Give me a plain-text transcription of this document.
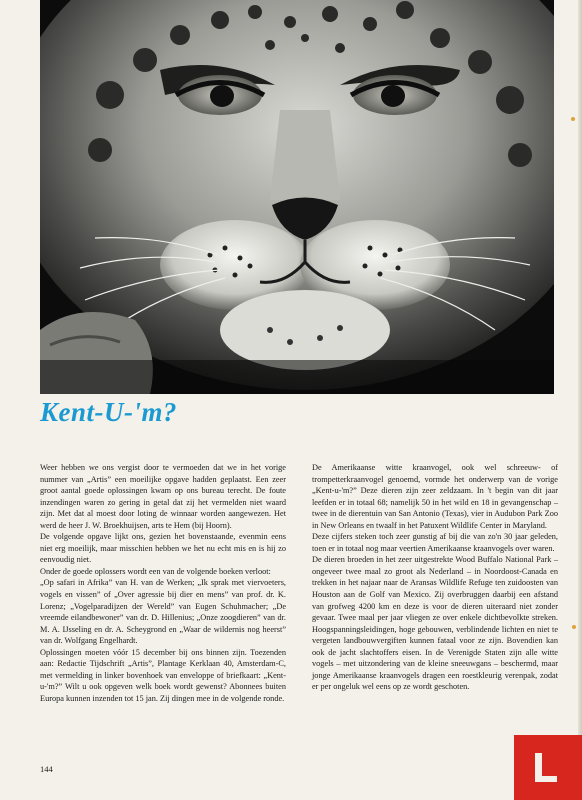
Kent-U-'m?

Weer hebben we ons vergist door te vermoeden dat we in het vorige nummer van „Artis” een moeilijke opgave hadden geplaatst. Een zeer groot aantal goede oplossingen kwam op ons bureau terecht. De foute inzendingen waren zo gering in getal dat zij het vermelden niet waard zijn. Met dat al moest door loting de winnaar worden aangewezen. Het werd de heer J. W. Broekhuijsen, arts te Hem (bij Hoorn).

De volgende opgave lijkt ons, gezien het bovenstaande, evenmin eens niet erg moeilijk, maar misschien hebben we het nu echt mis en is hij zo eenvoudig niet.

Onder de goede oplossers wordt een van de volgende boeken verloot:

„Op safari in Afrika” van H. van de Werken; „Ik sprak met viervoeters, vogels en vissen” of „Over agressie bij dier en mens” van prof. dr. K. Lorenz; „Vogelparadijzen der Wereld” van Eugen Schuhmacher; „De vreemde eilandbewoner” van dr. D. Hillenius; „Onze zoogdieren” van dr. M. A. IJsseling en dr. A. Scheygrond en „Waar de wildernis nog heerst” van dr. Wolfgang Engelhardt.

Oplossingen moeten vóór 15 december bij ons binnen zijn. Toezenden aan: Redactie Tijdschrift „Artis”, Plantage Kerklaan 40, Amsterdam-C, met vermelding in linker bovenhoek van enveloppe of briefkaart: „Kent-u-'m?” Wilt u ook opgeven welk boek wordt gewenst? Abonnees buiten Europa kunnen inzenden tot 15 jan. Zij dingen mee in de volgende ronde.

De Amerikaanse witte kraanvogel, ook wel schreeuw- of trompetterkraanvogel genoemd, vormde het onderwerp van de vorige „Kent-u-'m?” Deze dieren zijn zeer zeldzaam. In 't begin van dit jaar leefden er in totaal 68; namelijk 50 in het wild en 18 in gevangenschap – twee in de dierentuin van San Antonio (Texas), vier in Audubon Park Zoo in New Orleans en twaalf in het Patuxent Wildlife Center in Maryland.

Deze cijfers steken toch zeer gunstig af bij die van zo'n 30 jaar geleden, toen er in totaal nog maar veertien Amerikaanse kraanvogels over waren.

De dieren broeden in het zeer uitgestrekte Wood Buffalo National Park – ongeveer twee maal zo groot als Nederland – in Noordoost-Canada en trekken in het najaar naar de Aransas Wildlife Refuge ten zuidoosten van Houston aan de Golf van Mexico. Zij overbruggen daarbij een afstand van grofweg 4200 km en deze is voor de dieren uiteraard niet zonder gevaar. Twee maal per jaar vliegen ze over enkele dichtbevolkte streken. Hoogspanningsleidingen, hoge gebouwen, verblindende lichten en niet te vergeten landbouwvergiften kunnen fataal voor ze zijn. Bovendien kan ook de jacht slachtoffers eisen. In de Verenigde Staten zijn alle witte vogels – met uitzondering van de kleine sneeuwgans – beschermd, maar jonge Amerikaanse kraanvogels dragen een roestkleurig verenpak, zodat er per ongeluk wel eens op ze wordt geschoten.

144
